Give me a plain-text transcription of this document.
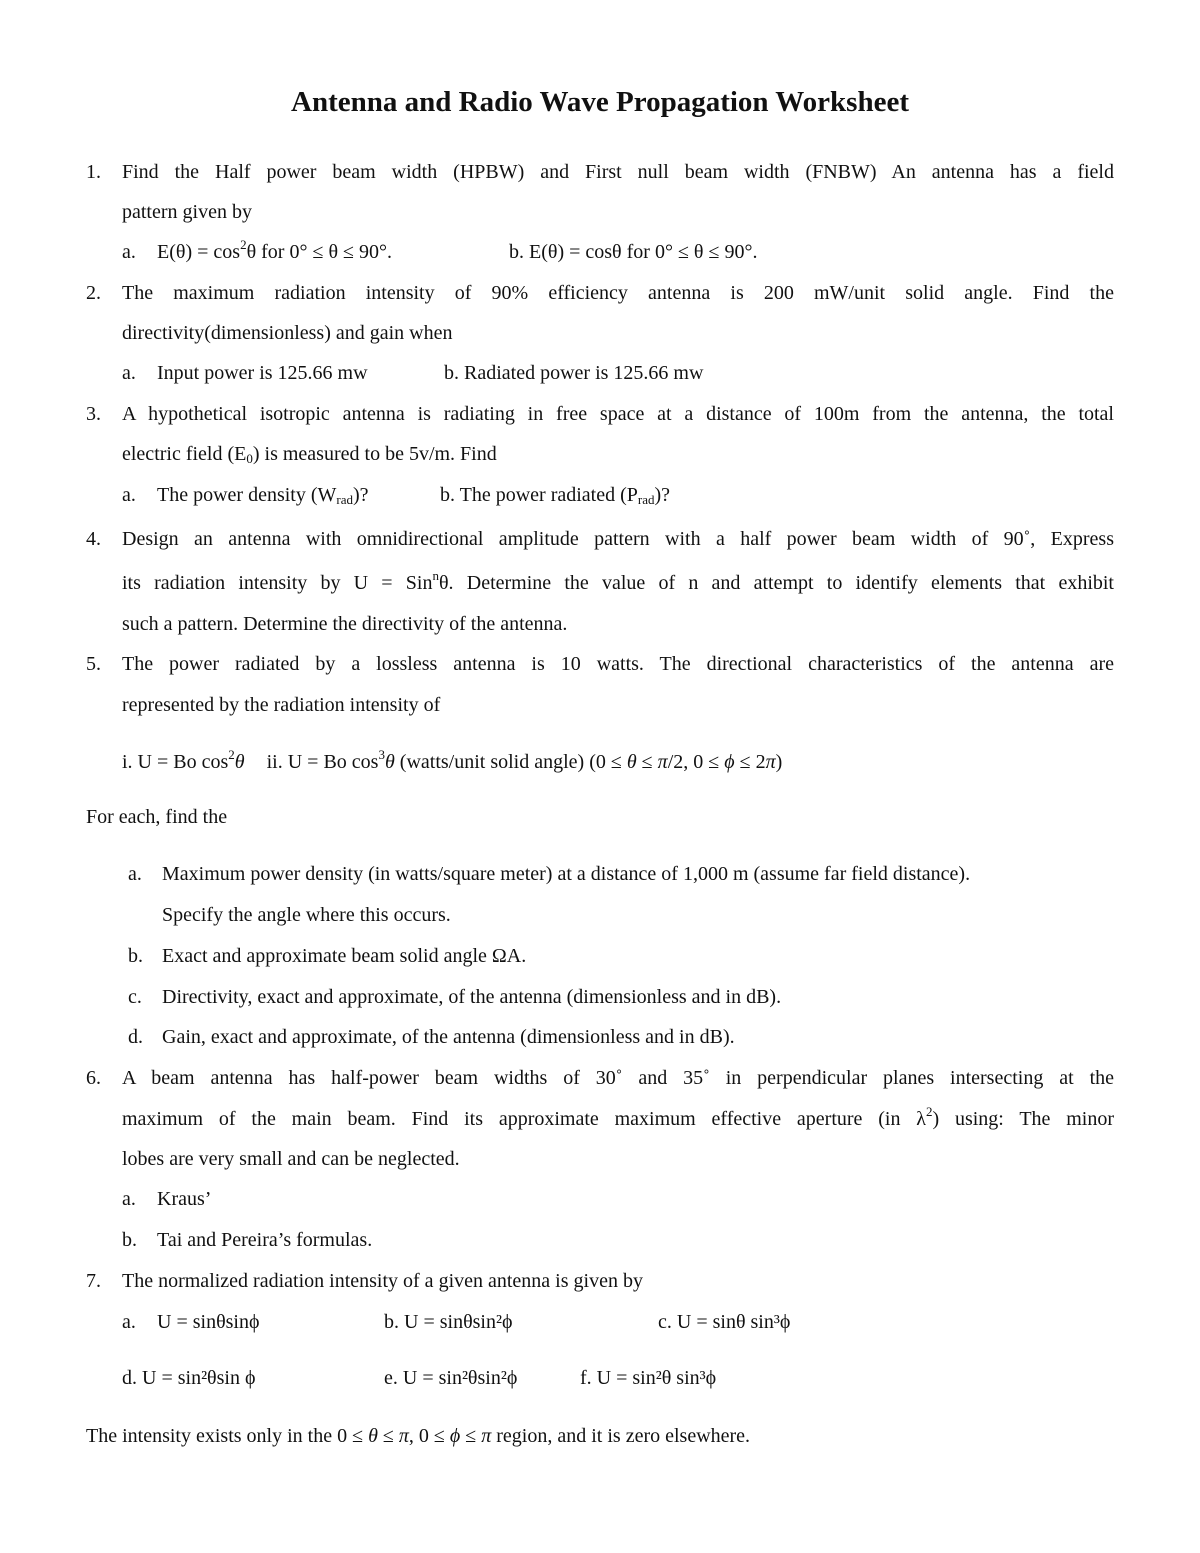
Antenna and Radio Wave Propagation Worksheet
1. Find the Half power beam width (HPBW) and First null beam width (FNBW) An antenna has a field
pattern given by
a. $E(\theta) = \cos^2\theta$ for 0° ≤ θ ≤ 90°.	b. E(θ) = cosθ for 0° ≤ θ ≤ 90°.
2. The maximum radiation intensity of 90% efficiency antenna is 200 mW/unit solid angle. Find the
directivity(dimensionless) and gain when
a. Input power is 125.66 mw	b. Radiated power is 125.66 mw
3. A hypothetical isotropic antenna is radiating in free space at a distance of 100m from the antenna, the total
electric field $(E_0)$ is measured to be 5v/m. Find
a. The power density $(W_{rad})$?	b. The power radiated $(P_{rad})$?
4. Design an antenna with omnidirectional amplitude pattern with a half power beam width of 90˚, Express
its radiation intensity by U = Sin$^n$θ. Determine the value of n and attempt to identify elements that exhibit
such a pattern. Determine the directivity of the antenna.
5. The power radiated by a lossless antenna is 10 watts. The directional characteristics of the antenna are
represented by the radiation intensity of
i. U = Bo $\cos^2\theta$ ii. U = Bo $\cos^3\theta$ (watts/unit solid angle) (0 ≤ θ ≤ π/2, 0 ≤ ϕ ≤ 2π)
For each, find the
a. Maximum power density (in watts/square meter) at a distance of 1,000 m (assume far field distance).
Specify the angle where this occurs.
b. Exact and approximate beam solid angle ΩA.
c. Directivity, exact and approximate, of the antenna (dimensionless and in dB).
d. Gain, exact and approximate, of the antenna (dimensionless and in dB).
6. A beam antenna has half-power beam widths of 30˚ and 35˚ in perpendicular planes intersecting at the
maximum of the main beam. Find its approximate maximum effective aperture (in $\lambda^2$) using: The minor
lobes are very small and can be neglected.
a. Kraus’
b. Tai and Pereira’s formulas.
7. The normalized radiation intensity of a given antenna is given by
a. U = sinθsinϕ	b. U = sinθsin²ϕ	c. U = sinθ sin³ϕ
d. U = sin²θsin ϕ	e. U = sin²θsin²ϕ	f. U = sin²θ sin³ϕ
The intensity exists only in the 0 ≤ θ ≤ π, 0 ≤ ϕ ≤ π region, and it is zero elsewhere.
